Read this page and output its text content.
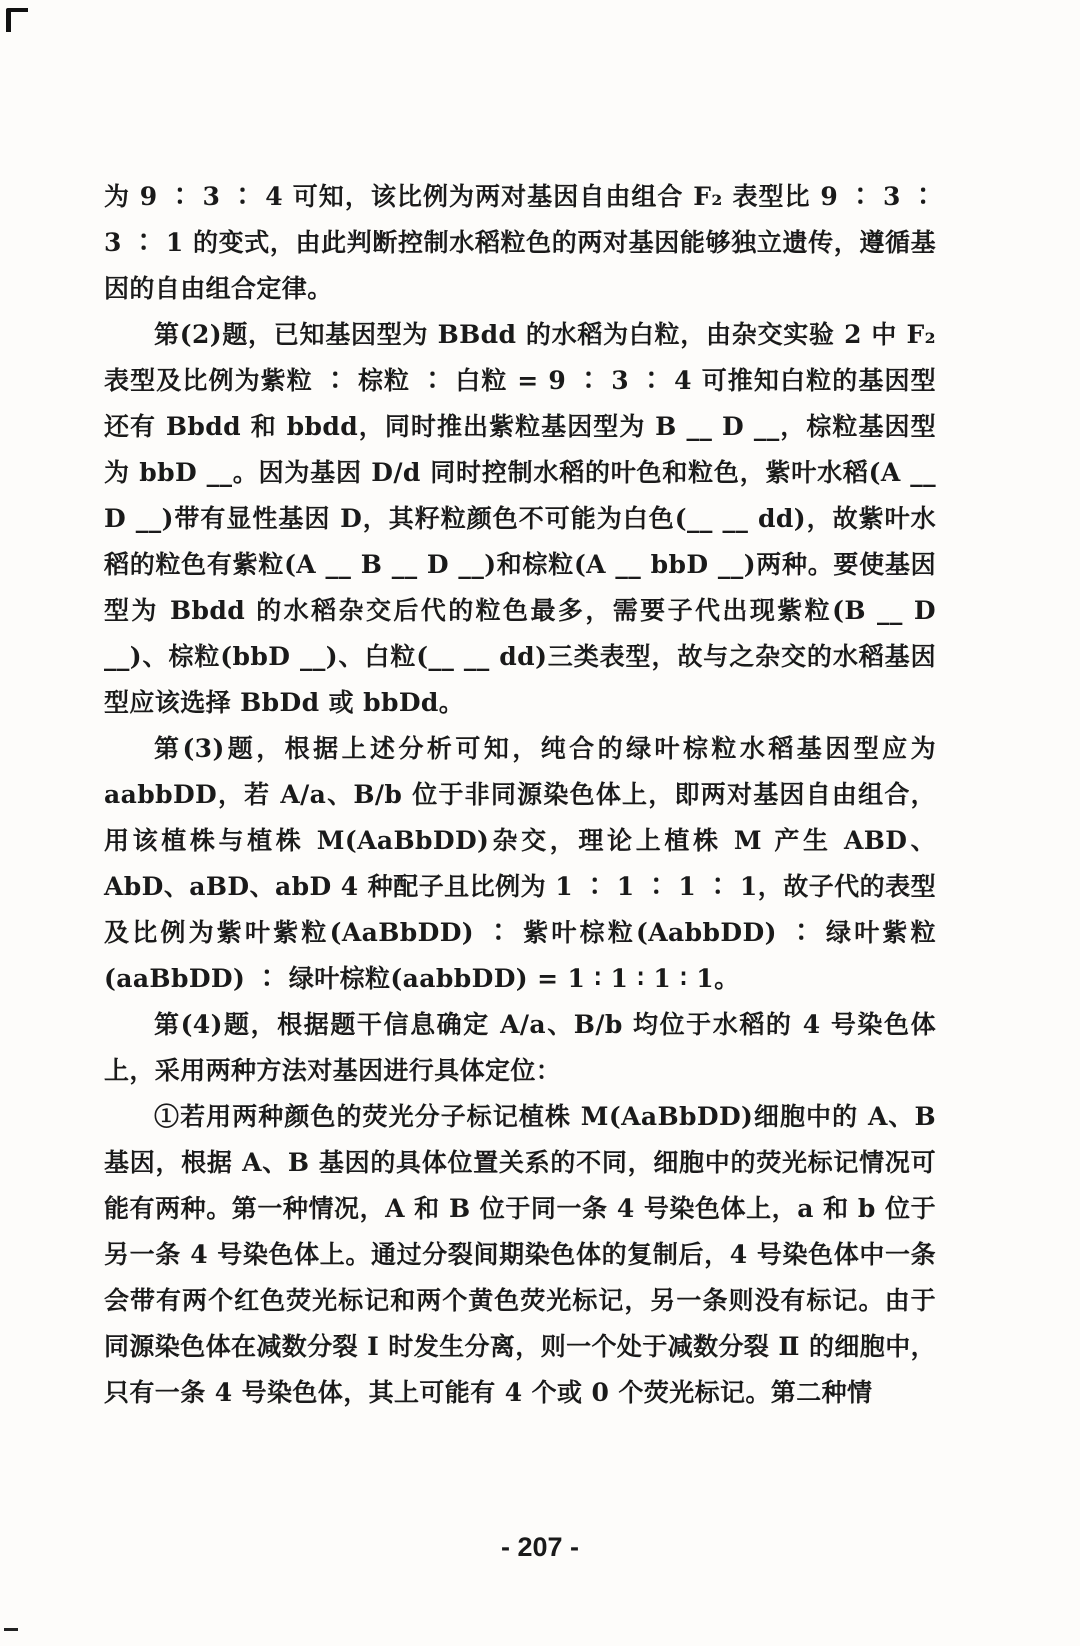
为 9 ∶ 3 ∶ 4 可知，该比例为两对基因自由组合 F₂ 表型比 9 ∶ 3 ∶ 3 ∶ 1 的变式，由此判断控制水稻粒色的两对基因能够独立遗传，遵循基因的自由组合定律。

第(2)题，已知基因型为 BBdd 的水稻为白粒，由杂交实验 2 中 F₂ 表型及比例为紫粒 ∶ 棕粒 ∶ 白粒 = 9 ∶ 3 ∶ 4 可推知白粒的基因型还有 Bbdd 和 bbdd，同时推出紫粒基因型为 B __ D __，棕粒基因型为 bbD __。因为基因 D/d 同时控制水稻的叶色和粒色，紫叶水稻(A __ D __)带有显性基因 D，其籽粒颜色不可能为白色(__ __ dd)，故紫叶水稻的粒色有紫粒(A __ B __ D __)和棕粒(A __ bbD __)两种。要使基因型为 Bbdd 的水稻杂交后代的粒色最多，需要子代出现紫粒(B __ D __)、棕粒(bbD __)、白粒(__ __ dd)三类表型，故与之杂交的水稻基因型应该选择 BbDd 或 bbDd。

第(3)题，根据上述分析可知，纯合的绿叶棕粒水稻基因型应为 aabbDD，若 A/a、B/b 位于非同源染色体上，即两对基因自由组合，用该植株与植株 M(AaBbDD)杂交，理论上植株 M 产生 ABD、AbD、aBD、abD 4 种配子且比例为 1 ∶ 1 ∶ 1 ∶ 1，故子代的表型及比例为紫叶紫粒(AaBbDD) ∶ 紫叶棕粒(AabbDD) ∶ 绿叶紫粒(aaBbDD) ∶ 绿叶棕粒(aabbDD) = 1 ∶ 1 ∶ 1 ∶ 1。

第(4)题，根据题干信息确定 A/a、B/b 均位于水稻的 4 号染色体上，采用两种方法对基因进行具体定位：

①若用两种颜色的荧光分子标记植株 M(AaBbDD)细胞中的 A、B 基因，根据 A、B 基因的具体位置关系的不同，细胞中的荧光标记情况可能有两种。第一种情况，A 和 B 位于同一条 4 号染色体上，a 和 b 位于另一条 4 号染色体上。通过分裂间期染色体的复制后，4 号染色体中一条会带有两个红色荧光标记和两个黄色荧光标记，另一条则没有标记。由于同源染色体在减数分裂 Ⅰ 时发生分离，则一个处于减数分裂 Ⅱ 的细胞中，只有一条 4 号染色体，其上可能有 4 个或 0 个荧光标记。第二种情

- 207 -
